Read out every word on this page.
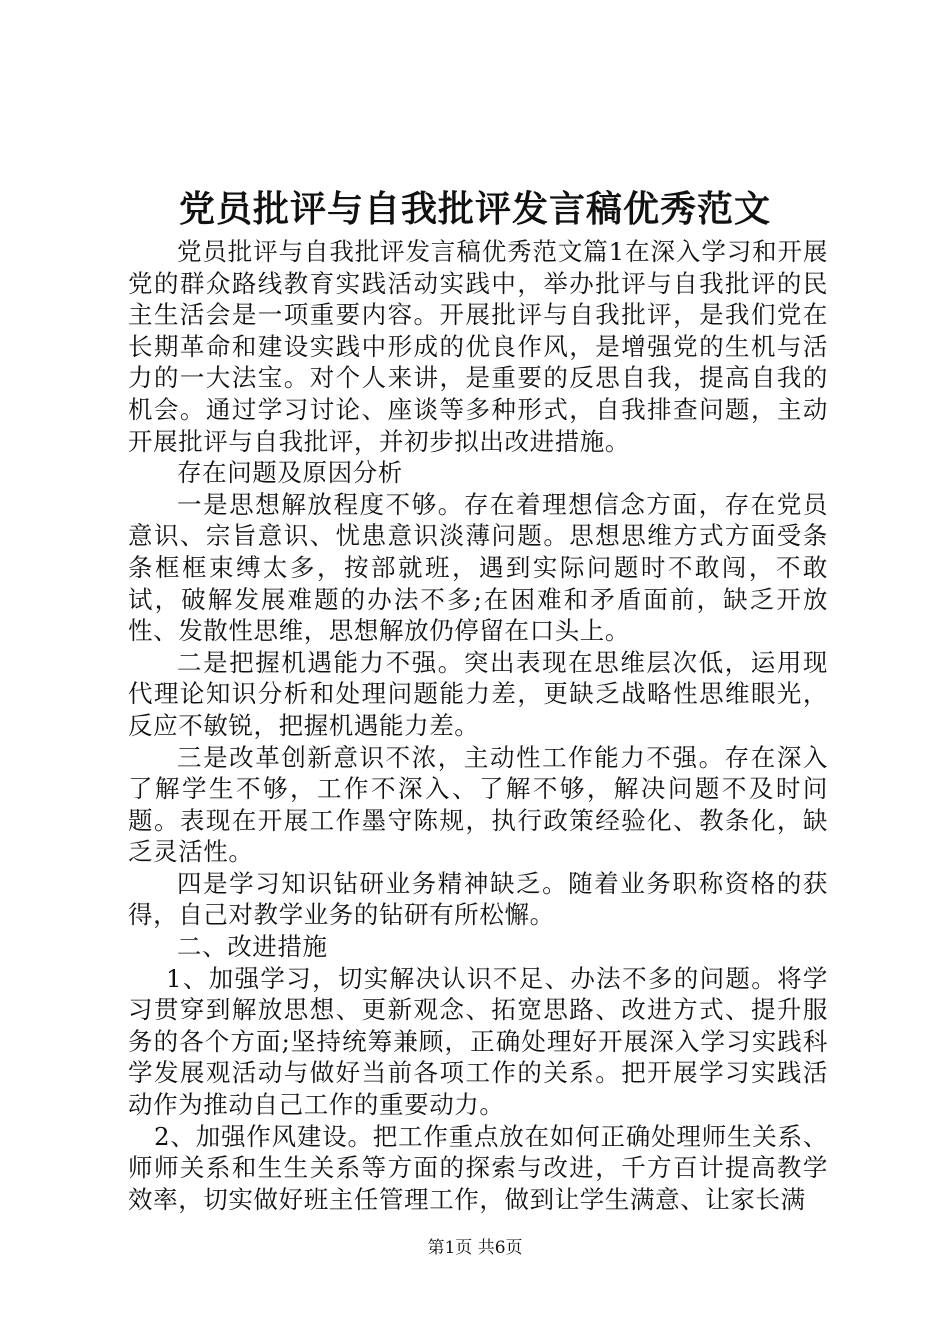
党员批评与自我批评发言稿优秀范文

党员批评与自我批评发言稿优秀范文篇1在深入学习和开展党的群众路线教育实践活动实践中，举办批评与自我批评的民主生活会是一项重要内容。开展批评与自我批评，是我们党在长期革命和建设实践中形成的优良作风，是增强党的生机与活力的一大法宝。对个人来讲，是重要的反思自我，提高自我的机会。通过学习讨论、座谈等多种形式，自我排查问题，主动开展批评与自我批评，并初步拟出改进措施。

存在问题及原因分析

一是思想解放程度不够。存在着理想信念方面，存在党员意识、宗旨意识、忧患意识淡薄问题。思想思维方式方面受条条框框束缚太多，按部就班，遇到实际问题时不敢闯，不敢试，破解发展难题的办法不多;在困难和矛盾面前，缺乏开放性、发散性思维，思想解放仍停留在口头上。

二是把握机遇能力不强。突出表现在思维层次低，运用现代理论知识分析和处理问题能力差，更缺乏战略性思维眼光，反应不敏锐，把握机遇能力差。

三是改革创新意识不浓，主动性工作能力不强。存在深入了解学生不够，工作不深入、了解不够，解决问题不及时问题。表现在开展工作墨守陈规，执行政策经验化、教条化，缺乏灵活性。

四是学习知识钻研业务精神缺乏。随着业务职称资格的获得，自己对教学业务的钻研有所松懈。

二、改进措施

1、加强学习，切实解决认识不足、办法不多的问题。将学习贯穿到解放思想、更新观念、拓宽思路、改进方式、提升服务的各个方面;坚持统筹兼顾，正确处理好开展深入学习实践科学发展观活动与做好当前各项工作的关系。把开展学习实践活动作为推动自己工作的重要动力。

2、加强作风建设。把工作重点放在如何正确处理师生关系、师师关系和生生关系等方面的探索与改进，千方百计提高教学效率，切实做好班主任管理工作，做到让学生满意、让家长满

第1页 共6页
